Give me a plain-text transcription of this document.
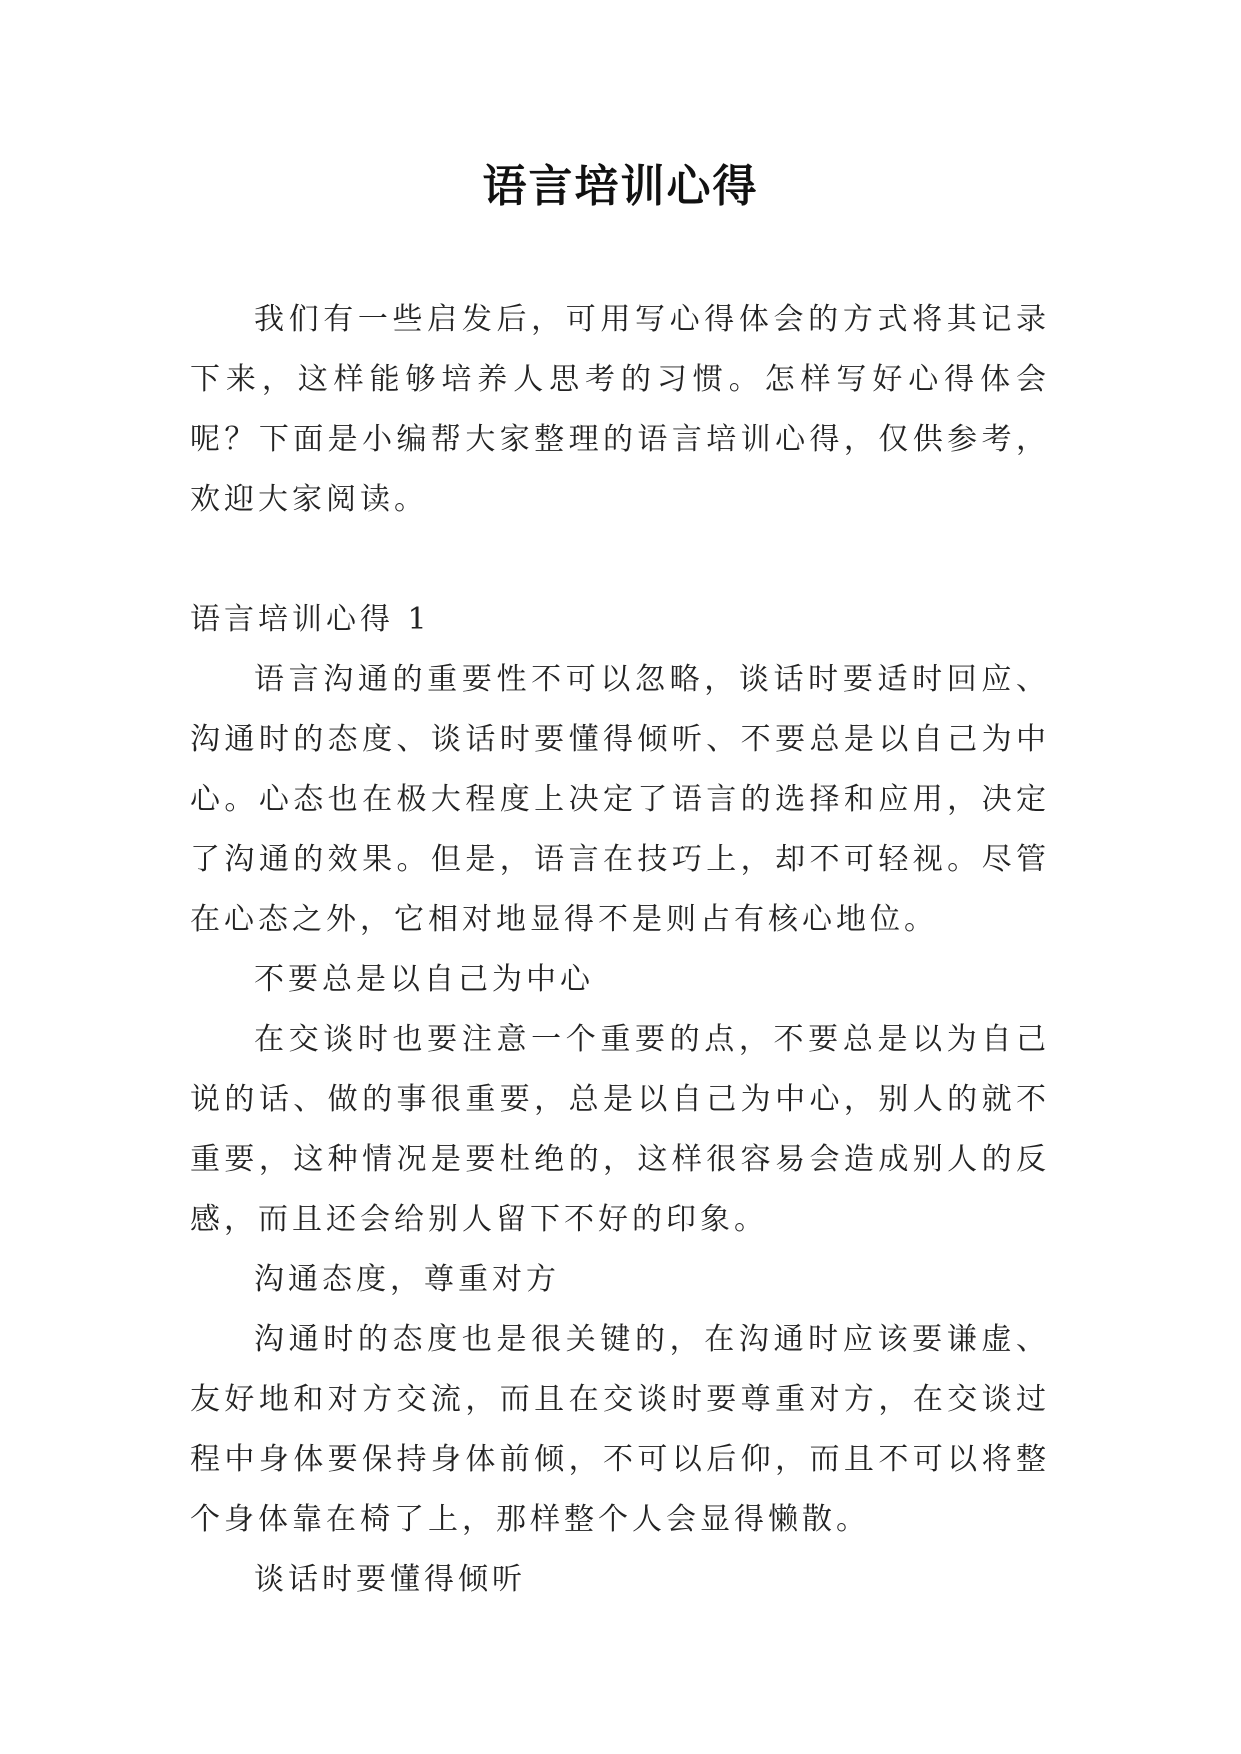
语言培训心得

我们有一些启发后，可用写心得体会的方式将其记录下来，这样能够培养人思考的习惯。怎样写好心得体会呢？下面是小编帮大家整理的语言培训心得，仅供参考，欢迎大家阅读。

语言培训心得 1

语言沟通的重要性不可以忽略，谈话时要适时回应、沟通时的态度、谈话时要懂得倾听、不要总是以自己为中心。心态也在极大程度上决定了语言的选择和应用，决定了沟通的效果。但是，语言在技巧上，却不可轻视。尽管在心态之外，它相对地显得不是则占有核心地位。

不要总是以自己为中心

在交谈时也要注意一个重要的点，不要总是以为自己说的话、做的事很重要，总是以自己为中心，别人的就不重要，这种情况是要杜绝的，这样很容易会造成别人的反感，而且还会给别人留下不好的印象。

沟通态度，尊重对方

沟通时的态度也是很关键的，在沟通时应该要谦虚、友好地和对方交流，而且在交谈时要尊重对方，在交谈过程中身体要保持身体前倾，不可以后仰，而且不可以将整个身体靠在椅了上，那样整个人会显得懒散。

谈话时要懂得倾听
